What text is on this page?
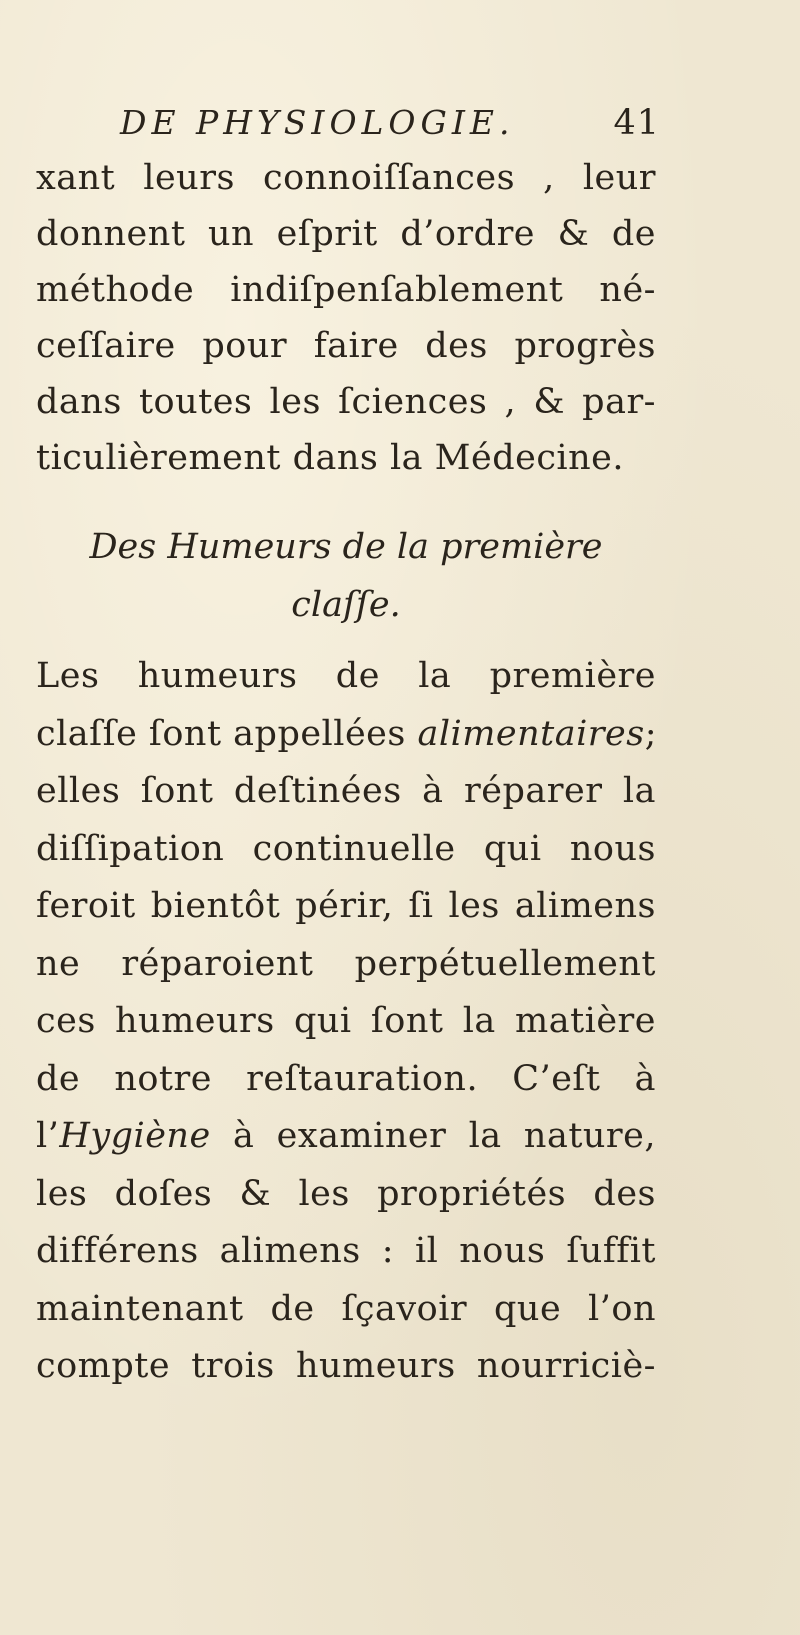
DE PHYSIOLOGIE.	41
xant leurs connoiſſances , leur
donnent un eſprit d’ordre & de
méthode indiſpenſablement né-
ceſſaire pour faire des progrès
dans toutes les ſciences , & par-
ticulièrement dans la Médecine.
Des Humeurs de la première
claſſe.
Les humeurs de la première
claſſe ſont appellées alimentaires;
elles ſont deſtinées à réparer la
diſſipation continuelle qui nous
feroit bientôt périr, ſi les alimens
ne réparoient perpétuellement
ces humeurs qui ſont la matière
de notre reſtauration. C’eſt à
l’Hygiène à examiner la nature,
les doſes & les propriétés des
différens alimens : il nous ſuffit
maintenant de ſçavoir que l’on
compte trois humeurs nourriciè-
